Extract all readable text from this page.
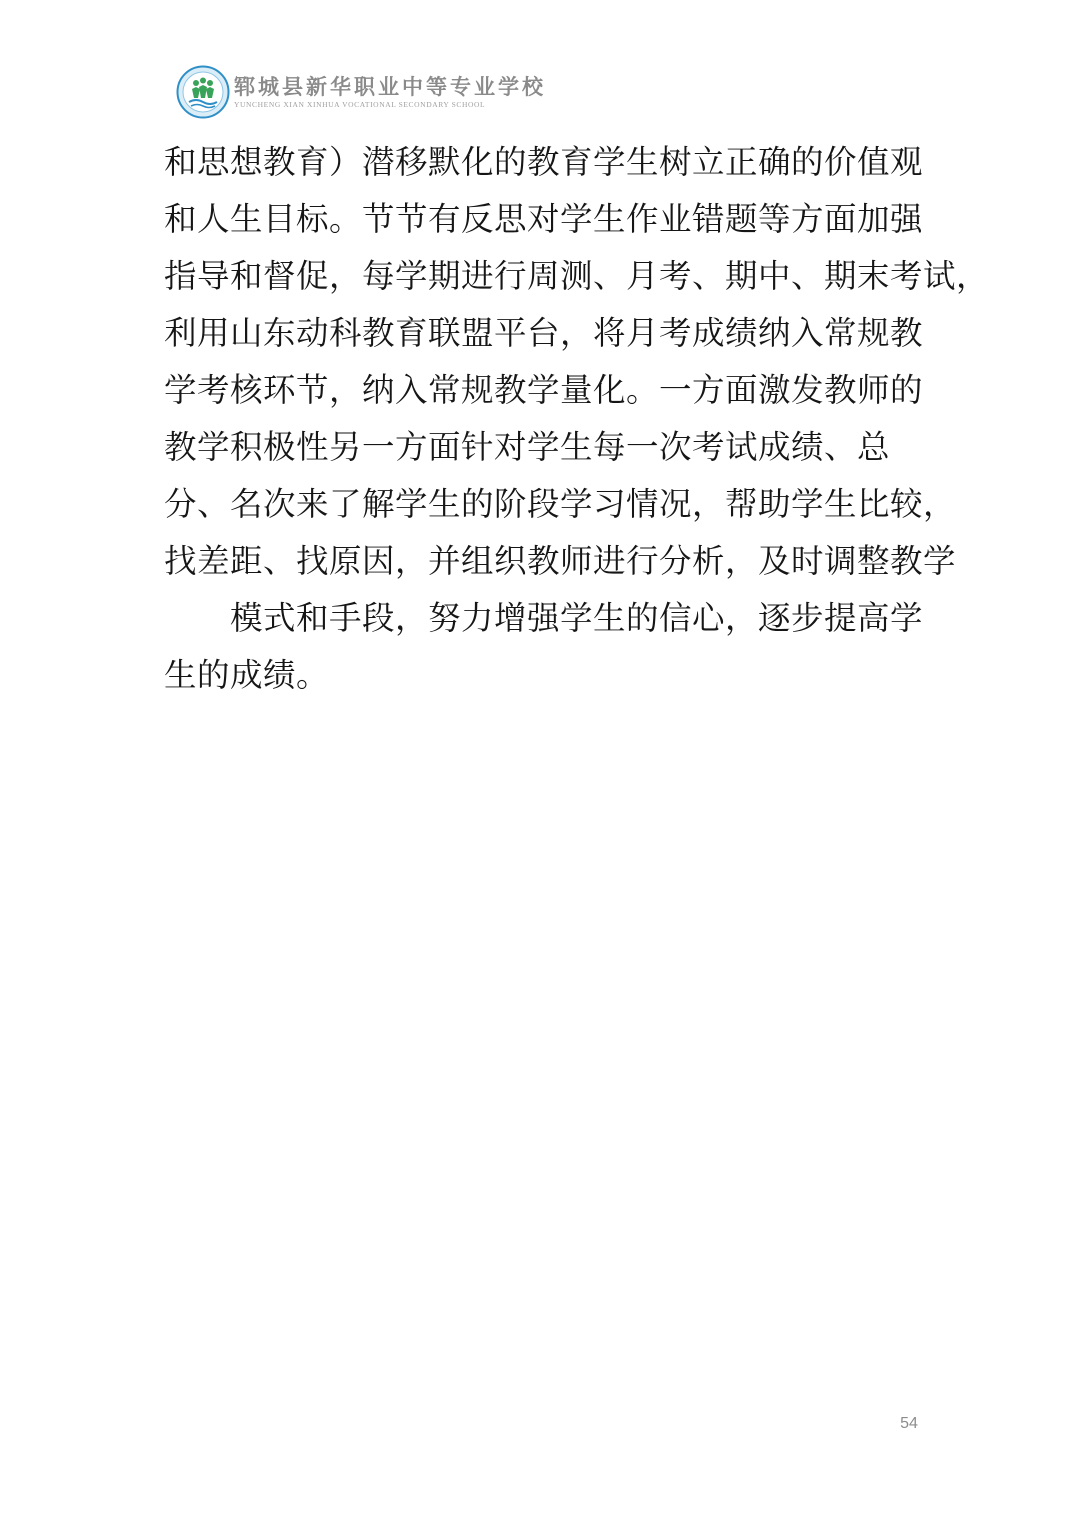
郓城县新华职业中等专业学校
YUNCHENG XIAN XINHUA VOCATIONAL SECONDARY SCHOOL
和思想教育）潜移默化的教育学生树立正确的价值观
和人生目标。节节有反思对学生作业错题等方面加强
指导和督促，每学期进行周测、月考、期中、期末考试，
利用山东动科教育联盟平台，将月考成绩纳入常规教
学考核环节，纳入常规教学量化。一方面激发教师的
教学积极性另一方面针对学生每一次考试成绩、总
分、名次来了解学生的阶段学习情况，帮助学生比较，
找差距、找原因，并组织教师进行分析，及时调整教学
模式和手段，努力增强学生的信心，逐步提高学
生的成绩。
54
